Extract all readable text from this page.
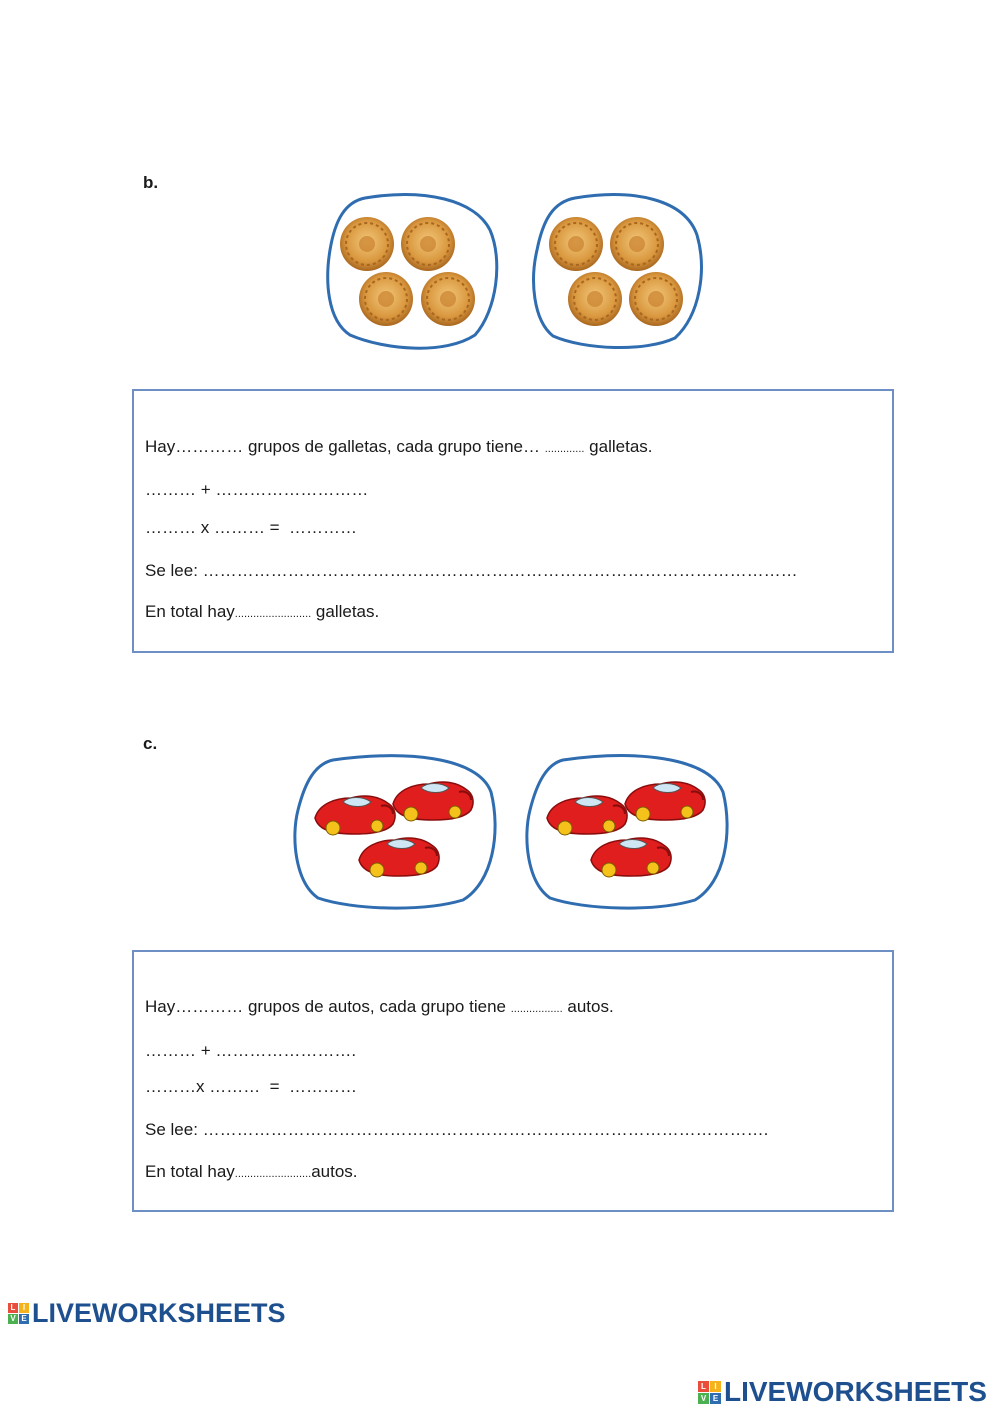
b.
Hay………… grupos de galletas, cada grupo tiene… ............. galletas.
……… + ………………………
……… x ……… =  …………
Se lee: ……………………………………………………………………………………………
En total hay......................... galletas.
c.
Hay………… grupos de autos, cada grupo tiene ................. autos.
……… + …………………….
………x ………  =  …………
Se lee: ……………………………………………………………………………………….
En total hay.........................autos.
L I
V E LIVEWORKSHEETS
L	I
V E LIVEWORKSHEETS
